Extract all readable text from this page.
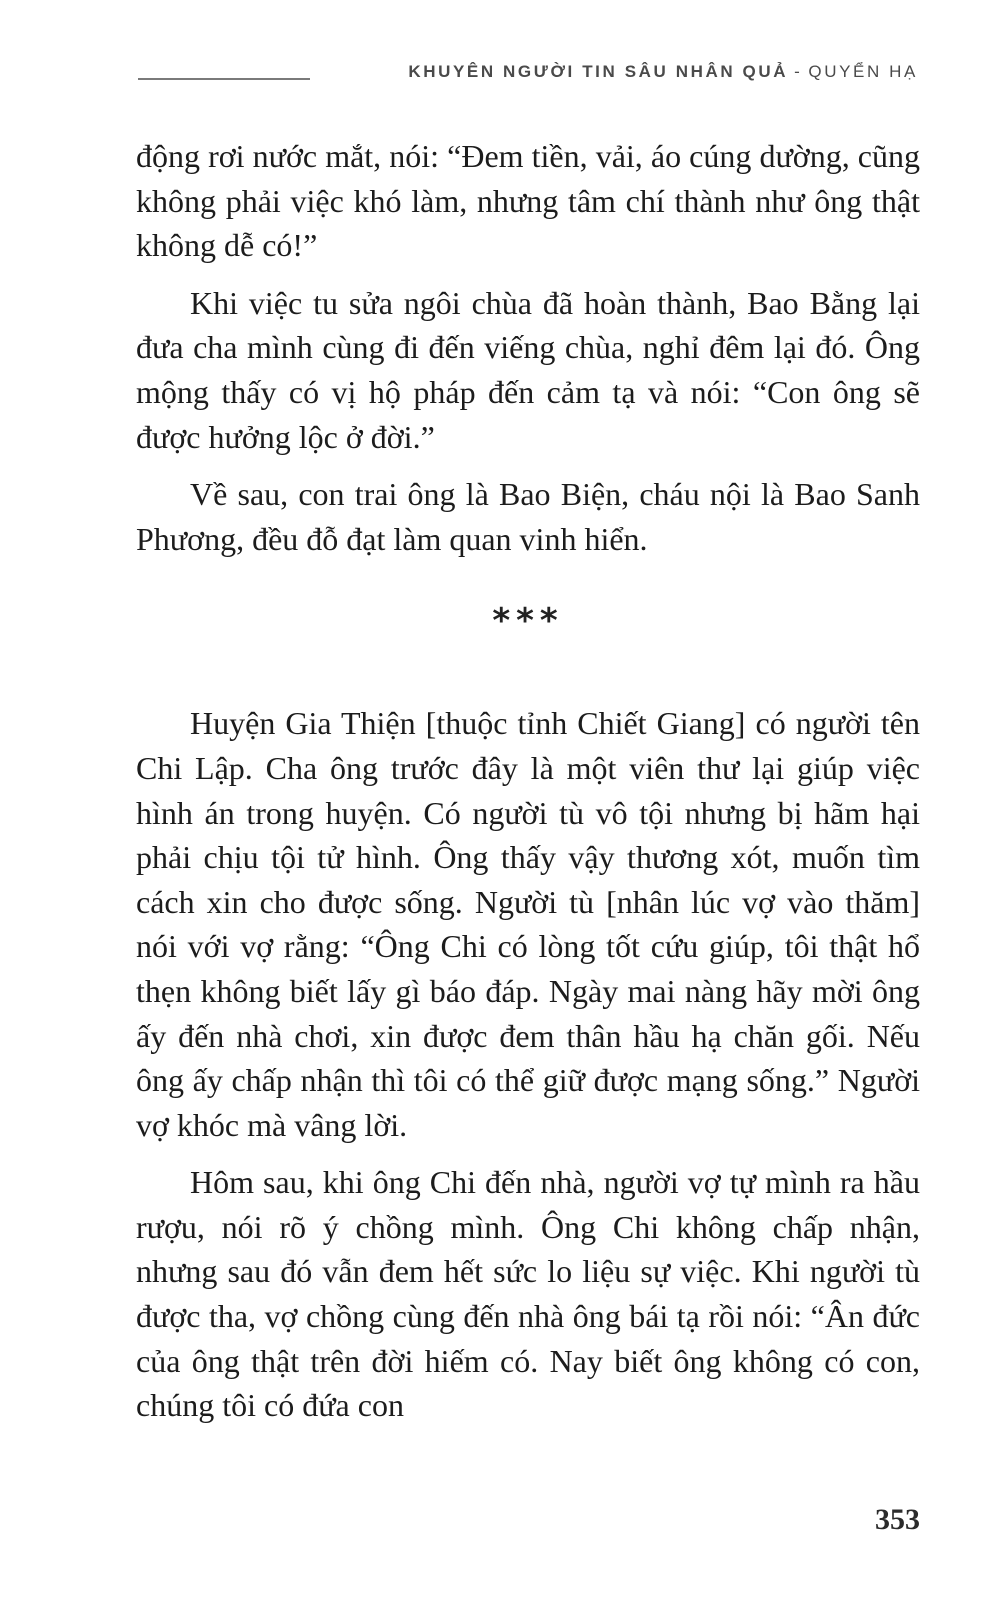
KHUYÊN NGƯỜI TIN SÂU NHÂN QUẢ - QUYỂN HẠ

động rơi nước mắt, nói: “Đem tiền, vải, áo cúng dường, cũng không phải việc khó làm, nhưng tâm chí thành như ông thật không dễ có!”

Khi việc tu sửa ngôi chùa đã hoàn thành, Bao Bằng lại đưa cha mình cùng đi đến viếng chùa, nghỉ đêm lại đó. Ông mộng thấy có vị hộ pháp đến cảm tạ và nói: “Con ông sẽ được hưởng lộc ở đời.”

Về sau, con trai ông là Bao Biện, cháu nội là Bao Sanh Phương, đều đỗ đạt làm quan vinh hiển.

***

Huyện Gia Thiện [thuộc tỉnh Chiết Giang] có người tên Chi Lập. Cha ông trước đây là một viên thư lại giúp việc hình án trong huyện. Có người tù vô tội nhưng bị hãm hại phải chịu tội tử hình. Ông thấy vậy thương xót, muốn tìm cách xin cho được sống. Người tù [nhân lúc vợ vào thăm] nói với vợ rằng: “Ông Chi có lòng tốt cứu giúp, tôi thật hổ thẹn không biết lấy gì báo đáp. Ngày mai nàng hãy mời ông ấy đến nhà chơi, xin được đem thân hầu hạ chăn gối. Nếu ông ấy chấp nhận thì tôi có thể giữ được mạng sống.” Người vợ khóc mà vâng lời.

Hôm sau, khi ông Chi đến nhà, người vợ tự mình ra hầu rượu, nói rõ ý chồng mình. Ông Chi không chấp nhận, nhưng sau đó vẫn đem hết sức lo liệu sự việc. Khi người tù được tha, vợ chồng cùng đến nhà ông bái tạ rồi nói: “Ân đức của ông thật trên đời hiếm có. Nay biết ông không có con, chúng tôi có đứa con

353
